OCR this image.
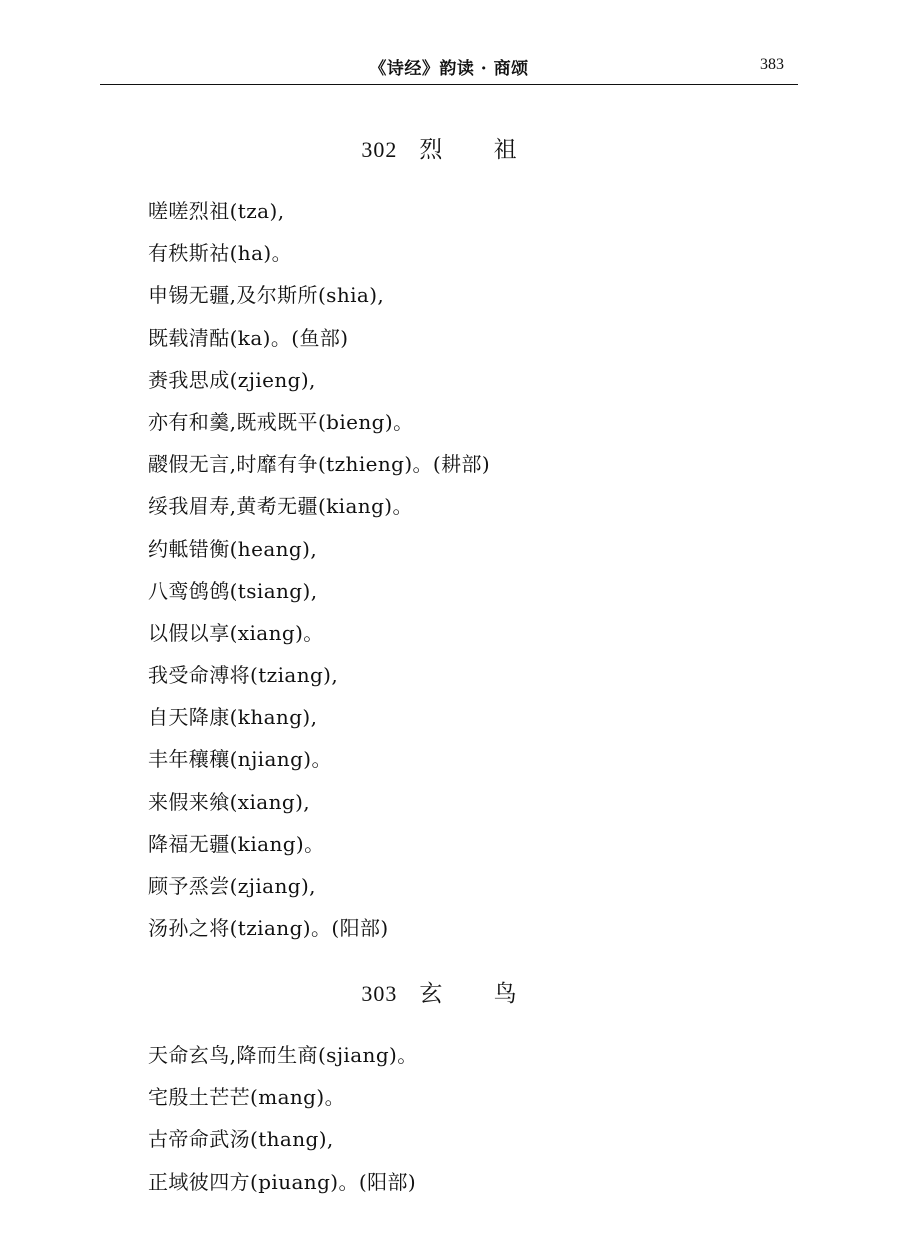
《诗经》韵读 · 商颂	383
302 烈 祖
嗟嗟烈祖(tza),
有秩斯祜(ha)。
申锡无疆,及尔斯所(shia),
既载清酤(ka)。(鱼部)
赉我思成(zjieng),
亦有和羹,既戒既平(bieng)。
鬷假无言,时靡有争(tzhieng)。(耕部)
绥我眉寿,黄耇无疆(kiang)。
约軧错衡(heang),
八鸾鸧鸧(tsiang),
以假以享(xiang)。
我受命溥将(tziang),
自天降康(khang),
丰年穰穰(njiang)。
来假来飨(xiang),
降福无疆(kiang)。
顾予烝尝(zjiang),
汤孙之将(tziang)。(阳部)
303 玄 鸟
天命玄鸟,降而生商(sjiang)。
宅殷土芒芒(mang)。
古帝命武汤(thang),
正域彼四方(piuang)。(阳部)
